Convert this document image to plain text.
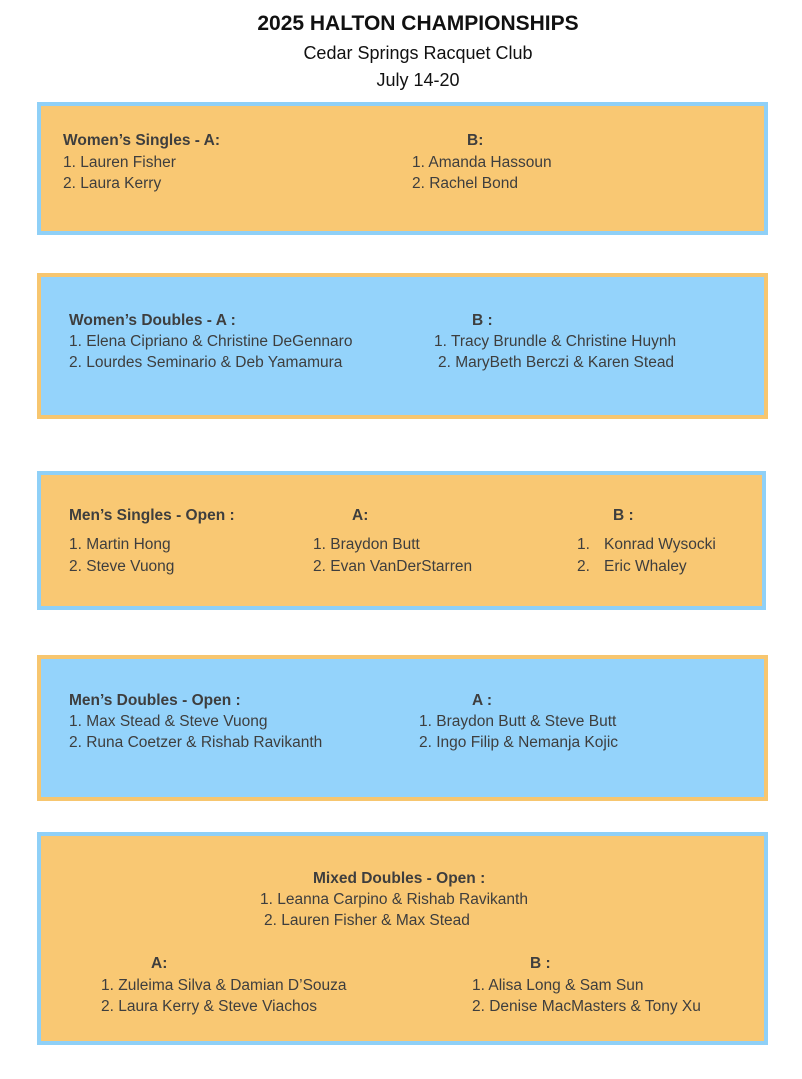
2025 HALTON CHAMPIONSHIPS
Cedar Springs Racquet Club
July 14-20
Women’s Singles - A:
1. Lauren Fisher
2. Laura Kerry
B:
1. Amanda Hassoun
2. Rachel Bond
Women’s Doubles - A :
1. Elena Cipriano & Christine DeGennaro
2. Lourdes Seminario & Deb Yamamura
B :
1. Tracy Brundle & Christine Huynh
2. MaryBeth Berczi & Karen Stead
Men’s Singles - Open :
1. Martin Hong
2. Steve Vuong
A:
1. Braydon Butt
2. Evan VanDerStarren
B :
1. Konrad Wysocki
2. Eric Whaley
Men’s Doubles - Open :
1. Max Stead & Steve Vuong
2. Runa Coetzer & Rishab Ravikanth
A :
1. Braydon Butt & Steve Butt
2. Ingo Filip & Nemanja Kojic
Mixed Doubles - Open :
1. Leanna Carpino & Rishab Ravikanth
2. Lauren Fisher & Max Stead
A:
1. Zuleima Silva & Damian D’Souza
2. Laura Kerry & Steve Viachos
B :
1. Alisa Long & Sam Sun
2. Denise MacMasters & Tony Xu
